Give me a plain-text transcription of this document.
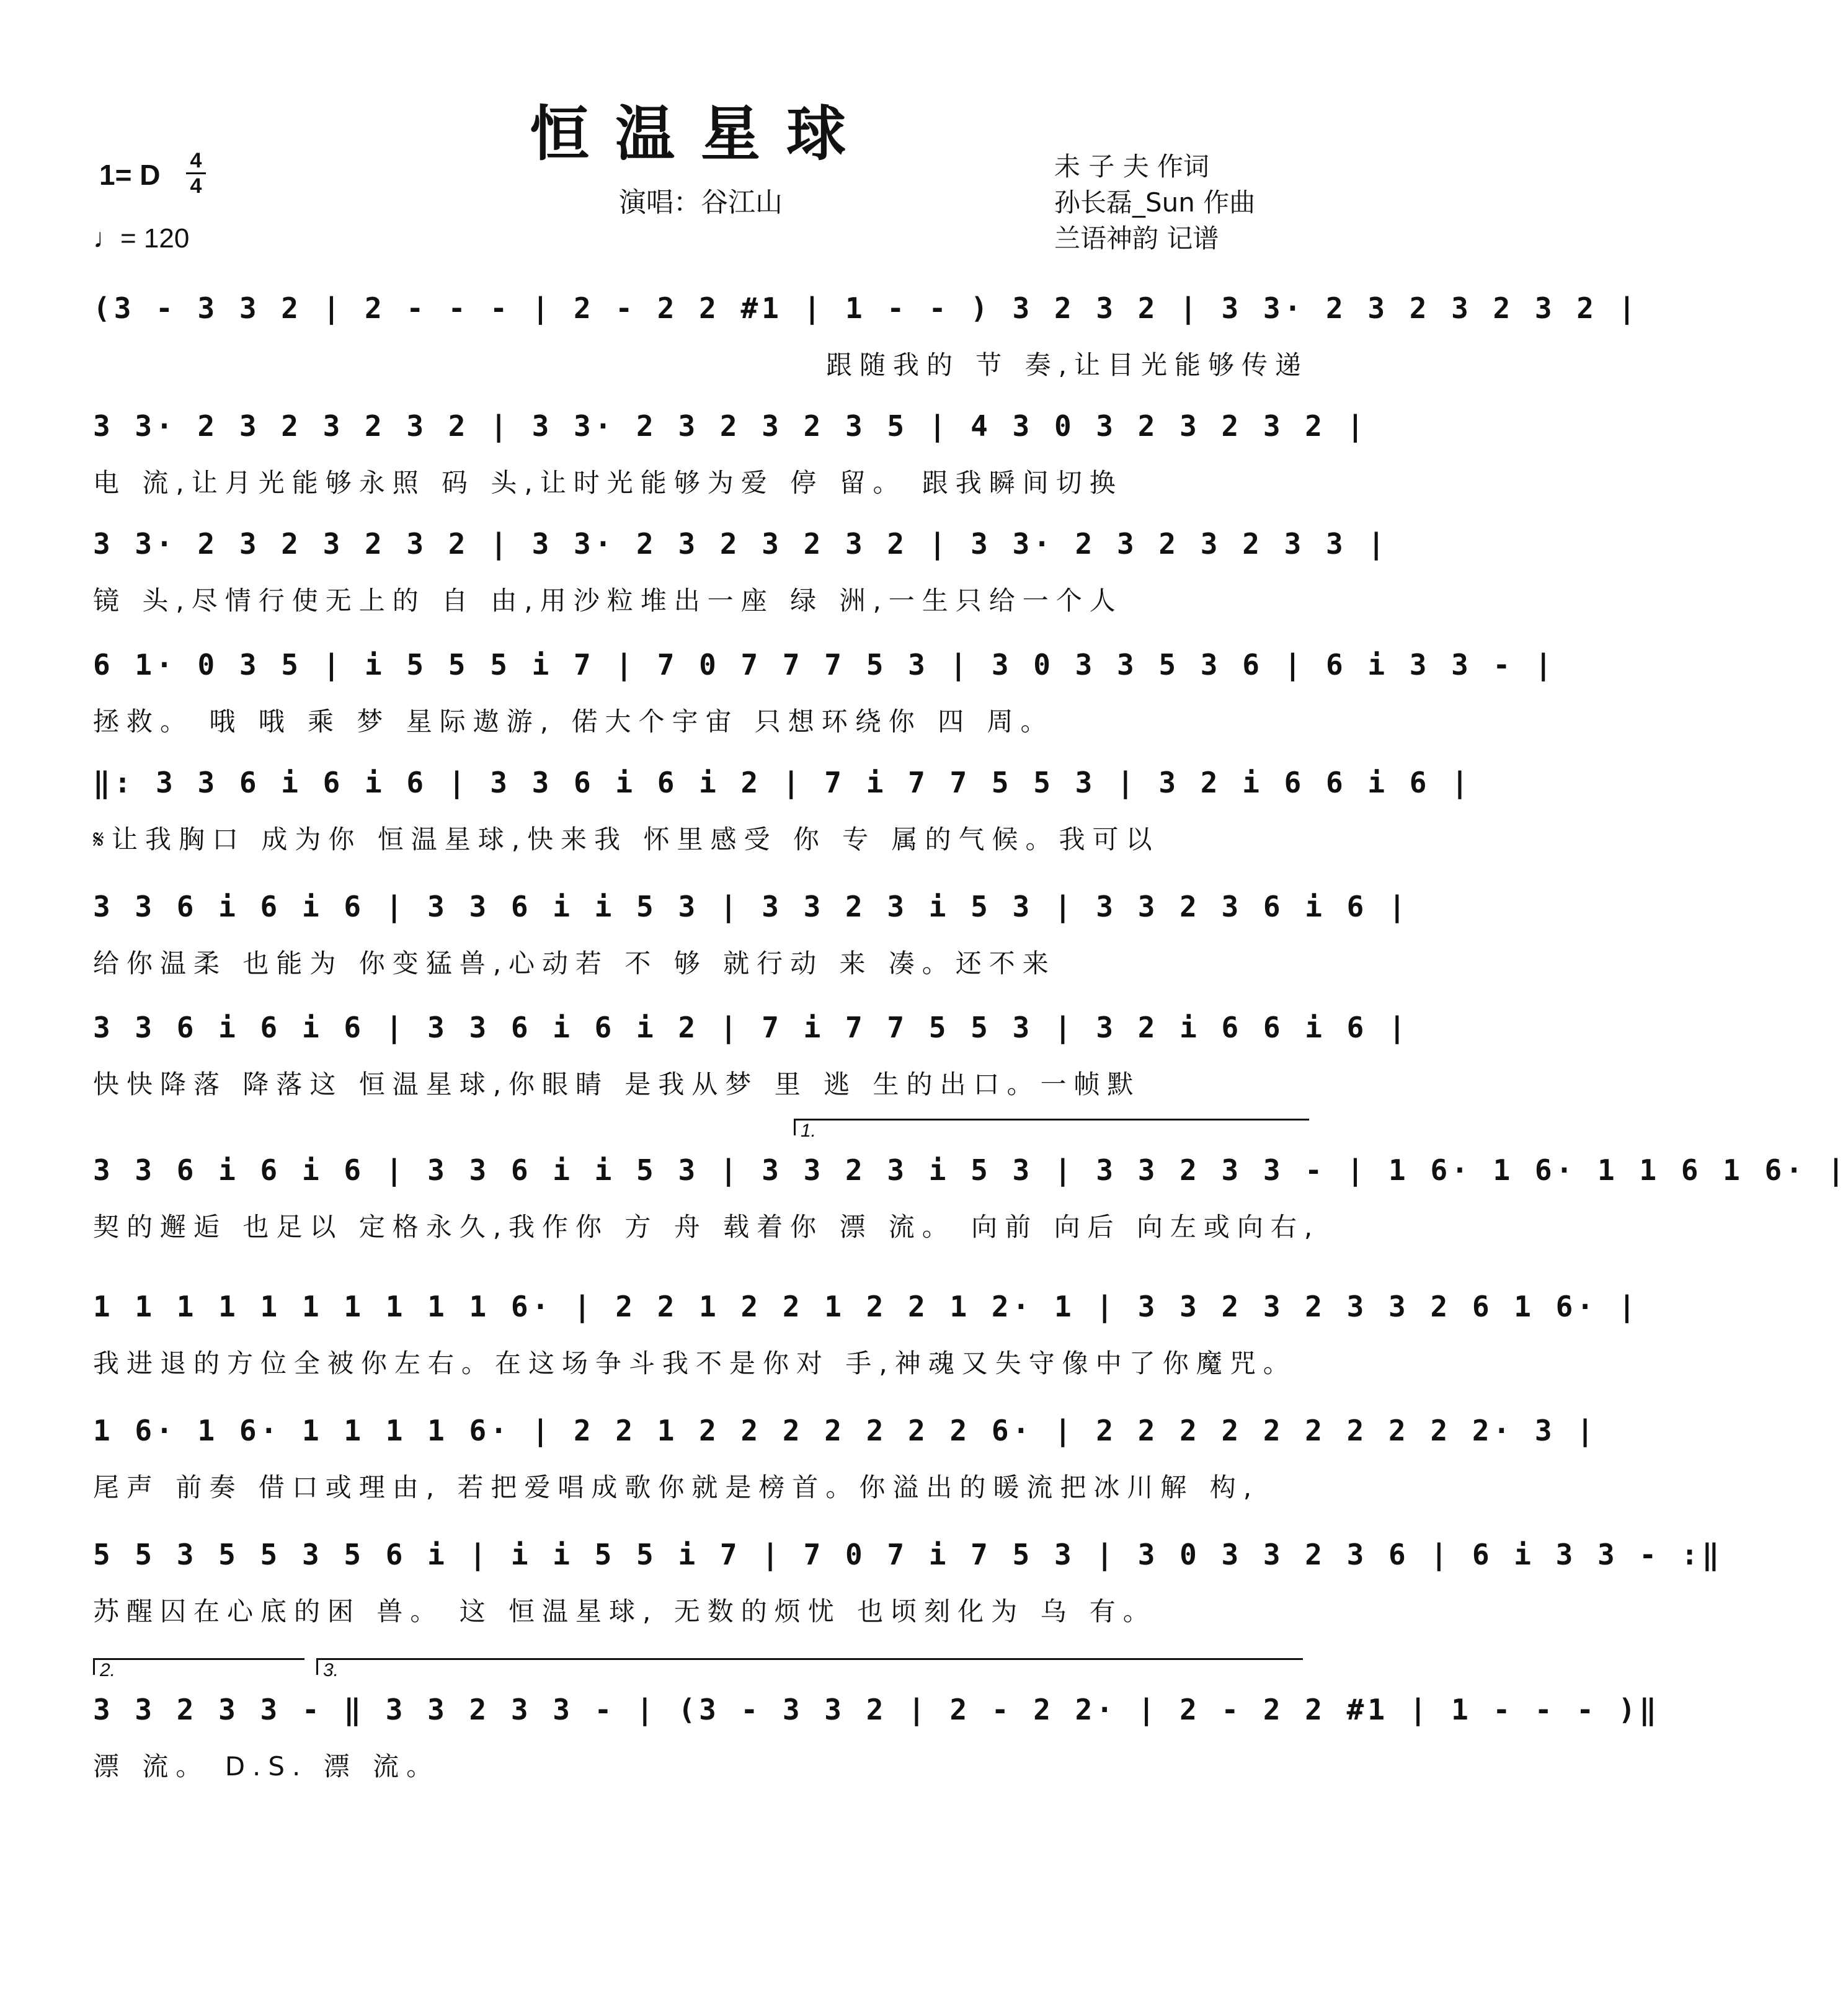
恒温星球
1= D 4
4
♩= 120
演唱：谷江山
未 子 夫 作词
孙长磊_Sun 作曲
兰语神韵 记谱
(3 - 3 3 2 | 2 - - - | 2 - 2 2 #1 | 1 - - ) 3 2 3 2 | 3 3· 2 3 2 3 2 3 2 |
跟随我的 节 奏,让目光能够传递
3 3· 2 3 2 3 2 3 2 | 3 3· 2 3 2 3 2 3 5 | 4 3 0 3 2 3 2 3 2 |
电 流,让月光能够永照 码 头,让时光能够为爱 停 留。 跟我瞬间切换
3 3· 2 3 2 3 2 3 2 | 3 3· 2 3 2 3 2 3 2 | 3 3· 2 3 2 3 2 3 3 |
镜 头,尽情行使无上的 自 由,用沙粒堆出一座 绿 洲,一生只给一个人
6 1· 0 3 5 | i 5 5 5 i 7 | 7 0 7 7 7 5 3 | 3 0 3 3 5 3 6 | 6 i 3 3 - |
拯救。 哦 哦 乘 梦 星际遨游, 偌大个宇宙 只想环绕你 四 周。
‖: 3 3 6 i 6 i 6 | 3 3 6 i 6 i 2 | 7 i 7 7 5 5 3 | 3 2 i 6 6 i 6 |
𝄋让我胸口 成为你 恒温星球,快来我 怀里感受 你 专 属的气候。我可以
3 3 6 i 6 i 6 | 3 3 6 i i 5 3 | 3 3 2 3 i 5 3 | 3 3 2 3 6 i 6 |
给你温柔 也能为 你变猛兽,心动若 不 够 就行动 来 凑。还不来
3 3 6 i 6 i 6 | 3 3 6 i 6 i 2 | 7 i 7 7 5 5 3 | 3 2 i 6 6 i 6 |
快快降落 降落这 恒温星球,你眼睛 是我从梦 里 逃 生的出口。一帧默
1.
3 3 6 i 6 i 6 | 3 3 6 i i 5 3 | 3 3 2 3 i 5 3 | 3 3 2 3 3 - | 1 6· 1 6· 1 1 6 1 6· |
契的邂逅 也足以 定格永久,我作你 方 舟 载着你 漂 流。 向前 向后 向左或向右,
1 1 1 1 1 1 1 1 1 1 6· | 2 2 1 2 2 1 2 2 1 2· 1 | 3 3 2 3 2 3 3 2 6 1 6· |
我进退的方位全被你左右。在这场争斗我不是你对 手,神魂又失守像中了你魔咒。
1 6· 1 6· 1 1 1 1 6· | 2 2 1 2 2 2 2 2 2 2 6· | 2 2 2 2 2 2 2 2 2 2· 3 |
尾声 前奏 借口或理由, 若把爱唱成歌你就是榜首。你溢出的暖流把冰川解 构,
5 5 3 5 5 3 5 6 i | i i 5 5 i 7 | 7 0 7 i 7 5 3 | 3 0 3 3 2 3 6 | 6 i 3 3 - :‖
苏醒囚在心底的困 兽。 这 恒温星球, 无数的烦忧 也顷刻化为 乌 有。
2.	3.
3 3 2 3 3 - ‖ 3 3 2 3 3 - | (3 - 3 3 2 | 2 - 2 2· | 2 - 2 2 #1 | 1 - - - )‖
漂 流。 D.S. 漂 流。
